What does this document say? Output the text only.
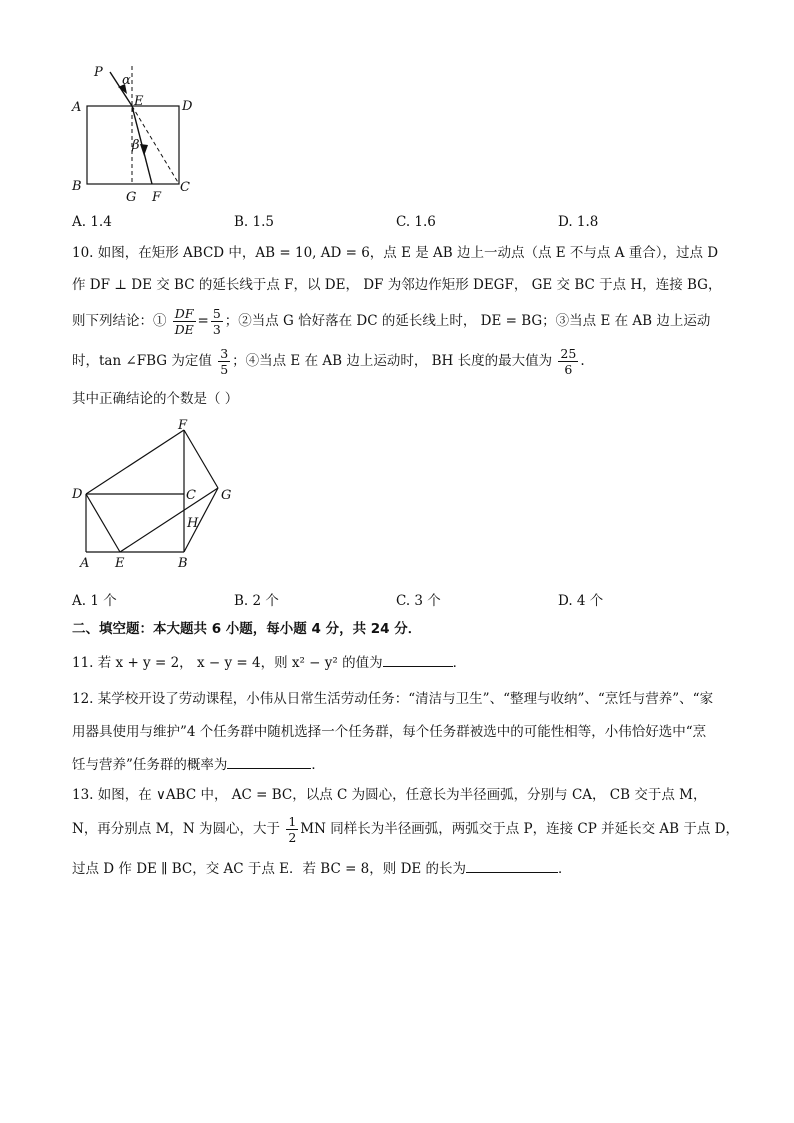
P
α
A	E	D
β
B
G F
C
A. 1.4	B. 1.5	C. 1.6	D. 1.8
10. 如图，在矩形 ABCD 中，AB = 10, AD = 6，点 E 是 AB 边上一动点（点 E 不与点 A 重合），过点 D
作 DF ⊥ DE 交 BC 的延长线于点 F，以 DE， DF 为邻边作矩形 DEGF， GE 交 BC 于点 H，连接 BG，
则下列结论：① $\frac{DF}{DE} = \frac{5}{3}$ ；②当点 G 恰好落在 DC 的延长线上时， DE = BG；③当点 E 在 AB 边上运动
时，tan ∠FBG 为定值 $\frac{3}{5}$ ；④当点 E 在 AB 边上运动时， BH 长度的最大值为 $\frac{25}{6}$ .
其中正确结论的个数是（ ）
F
D	C G
H
A E	B
A. 1 个	B. 2 个	C. 3 个	D. 4 个
二、填空题：本大题共 6 小题，每小题 4 分，共 24 分．
11. 若 x + y = 2， x − y = 4，则 x² − y² 的值为	．
12. 某学校开设了劳动课程，小伟从日常生活劳动任务：“清洁与卫生”、“整理与收纳”、“烹饪与营养”、“家
用器具使用与维护”4 个任务群中随机选择一个任务群，每个任务群被选中的可能性相等，小伟恰好选中“烹
饪与营养”任务群的概率为	．
13. 如图，在 ∨ABC 中， AC = BC，以点 C 为圆心，任意长为半径画弧，分别与 CA， CB 交于点 M，
N，再分别点 M，N 为圆心，大于 $\frac{1}{2}$ MN 同样长为半径画弧，两弧交于点 P，连接 CP 并延长交 AB 于点 D，
过点 D 作 DE ∥ BC，交 AC 于点 E．若 BC = 8，则 DE 的长为	．
